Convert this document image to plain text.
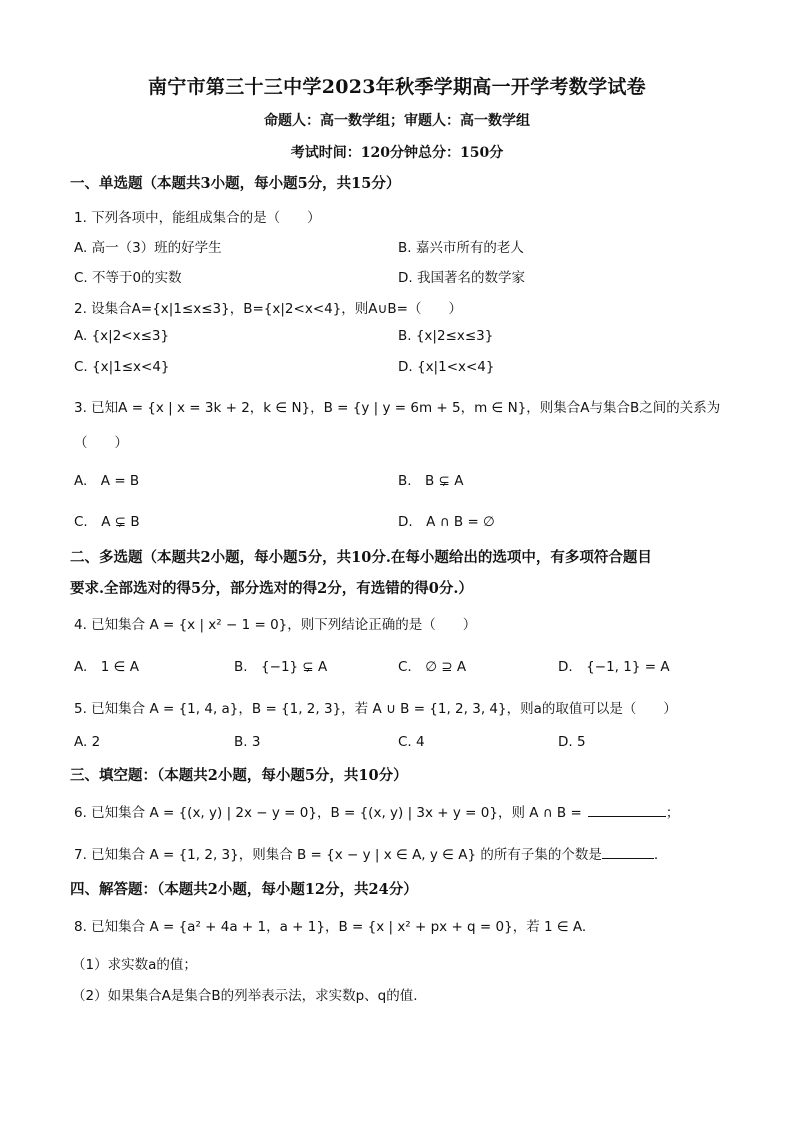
南宁市第三十三中学2023年秋季学期高一开学考数学试卷
命题人：高一数学组；审题人：高一数学组
考试时间：120分钟总分：150分
一、单选题（本题共3小题，每小题5分，共15分）
1. 下列各项中，能组成集合的是（　　）
A. 高一（3）班的好学生	B. 嘉兴市所有的老人
C. 不等于0的实数	D. 我国著名的数学家
2. 设集合A={x|1≤x≤3}，B={x|2<x<4}，则A∪B=（　　）
A. {x|2<x≤3}	B. {x|2≤x≤3}
C. {x|1≤x<4}	D. {x|1<x<4}
3. 已知A = {x | x = 3k + 2，k ∈ N}，B = {y | y = 6m + 5，m ∈ N}，则集合A与集合B之间的关系为
（　　）
A.　A = B	B.　B ⊊ A
C.　A ⊊ B	D.　A ∩ B = ∅
二、多选题（本题共2小题，每小题5分，共10分.在每小题给出的选项中，有多项符合题目
要求.全部选对的得5分，部分选对的得2分，有选错的得0分.）
4. 已知集合 A = {x | x² − 1 = 0}，则下列结论正确的是（　　）
A.　1 ∈ A	B.　{−1} ⊊ A	C.　∅ ⊇ A	D.　{−1, 1} = A
5. 已知集合 A = {1, 4, a}，B = {1, 2, 3}，若 A ∪ B = {1, 2, 3, 4}，则a的取值可以是（　　）
A. 2	B. 3	C. 4	D. 5
三、填空题：（本题共2小题，每小题5分，共10分）
6. 已知集合 A = {(x, y) | 2x − y = 0}，B = {(x, y) | 3x + y = 0}，则 A ∩ B =	；
7. 已知集合 A = {1, 2, 3}，则集合 B = {x − y | x ∈ A, y ∈ A} 的所有子集的个数是	.
四、解答题：（本题共2小题，每小题12分，共24分）
8. 已知集合 A = {a² + 4a + 1，a + 1}，B = {x | x² + px + q = 0}，若 1 ∈ A.
（1）求实数a的值；
（2）如果集合A是集合B的列举表示法，求实数p、q的值.
